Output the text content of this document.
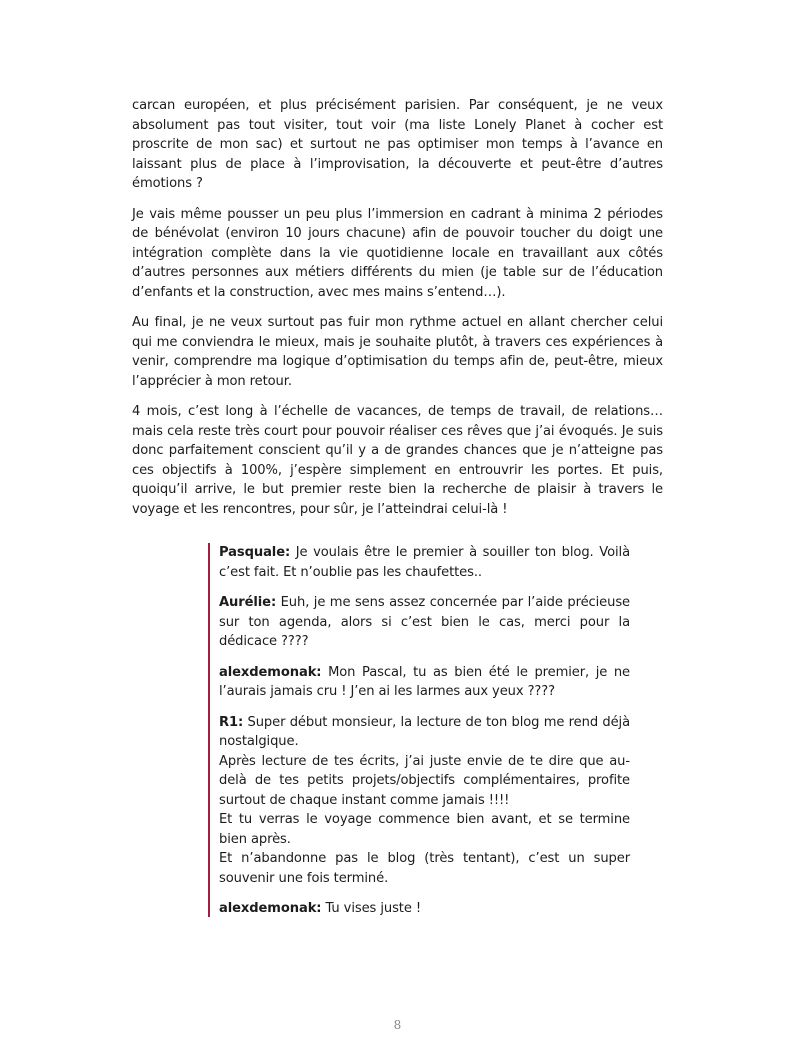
carcan européen, et plus précisément parisien. Par conséquent, je ne veux absolument pas tout visiter, tout voir (ma liste Lonely Planet à cocher est proscrite de mon sac) et surtout ne pas optimiser mon temps à l’avance en laissant plus de place à l’improvisation, la découverte et peut-être d’autres émotions ?

Je vais même pousser un peu plus l’immersion en cadrant à minima 2 périodes de bénévolat (environ 10 jours chacune) afin de pouvoir toucher du doigt une intégration complète dans la vie quotidienne locale en travaillant aux côtés d’autres personnes aux métiers différents du mien (je table sur de l’éducation d’enfants et la construction, avec mes mains s’entend…).

Au final, je ne veux surtout pas fuir mon rythme actuel en allant chercher celui qui me conviendra le mieux, mais je souhaite plutôt, à travers ces expériences à venir, comprendre ma logique d’optimisation du temps afin de, peut-être, mieux l’apprécier à mon retour.

4 mois, c’est long à l’échelle de vacances, de temps de travail, de relations… mais cela reste très court pour pouvoir réaliser ces rêves que j’ai évoqués. Je suis donc parfaitement conscient qu’il y a de grandes chances que je n’atteigne pas ces objectifs à 100%, j’espère simplement en entrouvrir les portes. Et puis, quoiqu’il arrive, le but premier reste bien la recherche de plaisir à travers le voyage et les rencontres, pour sûr, je l’atteindrai celui-là !

Pasquale: Je voulais être le premier à souiller ton blog. Voilà c’est fait. Et n’oublie pas les chaufettes..

Aurélie: Euh, je me sens assez concernée par l’aide précieuse sur ton agenda, alors si c’est bien le cas, merci pour la dédicace ????

alexdemonak: Mon Pascal, tu as bien été le premier, je ne l’aurais jamais cru ! J’en ai les larmes aux yeux ????

R1: Super début monsieur, la lecture de ton blog me rend déjà nostalgique.
Après lecture de tes écrits, j’ai juste envie de te dire que au-delà de tes petits projets/objectifs complémentaires, profite surtout de chaque instant comme jamais !!!!
Et tu verras le voyage commence bien avant, et se termine bien après.
Et n’abandonne pas le blog (très tentant), c’est un super souvenir une fois terminé.

alexdemonak: Tu vises juste !

8
